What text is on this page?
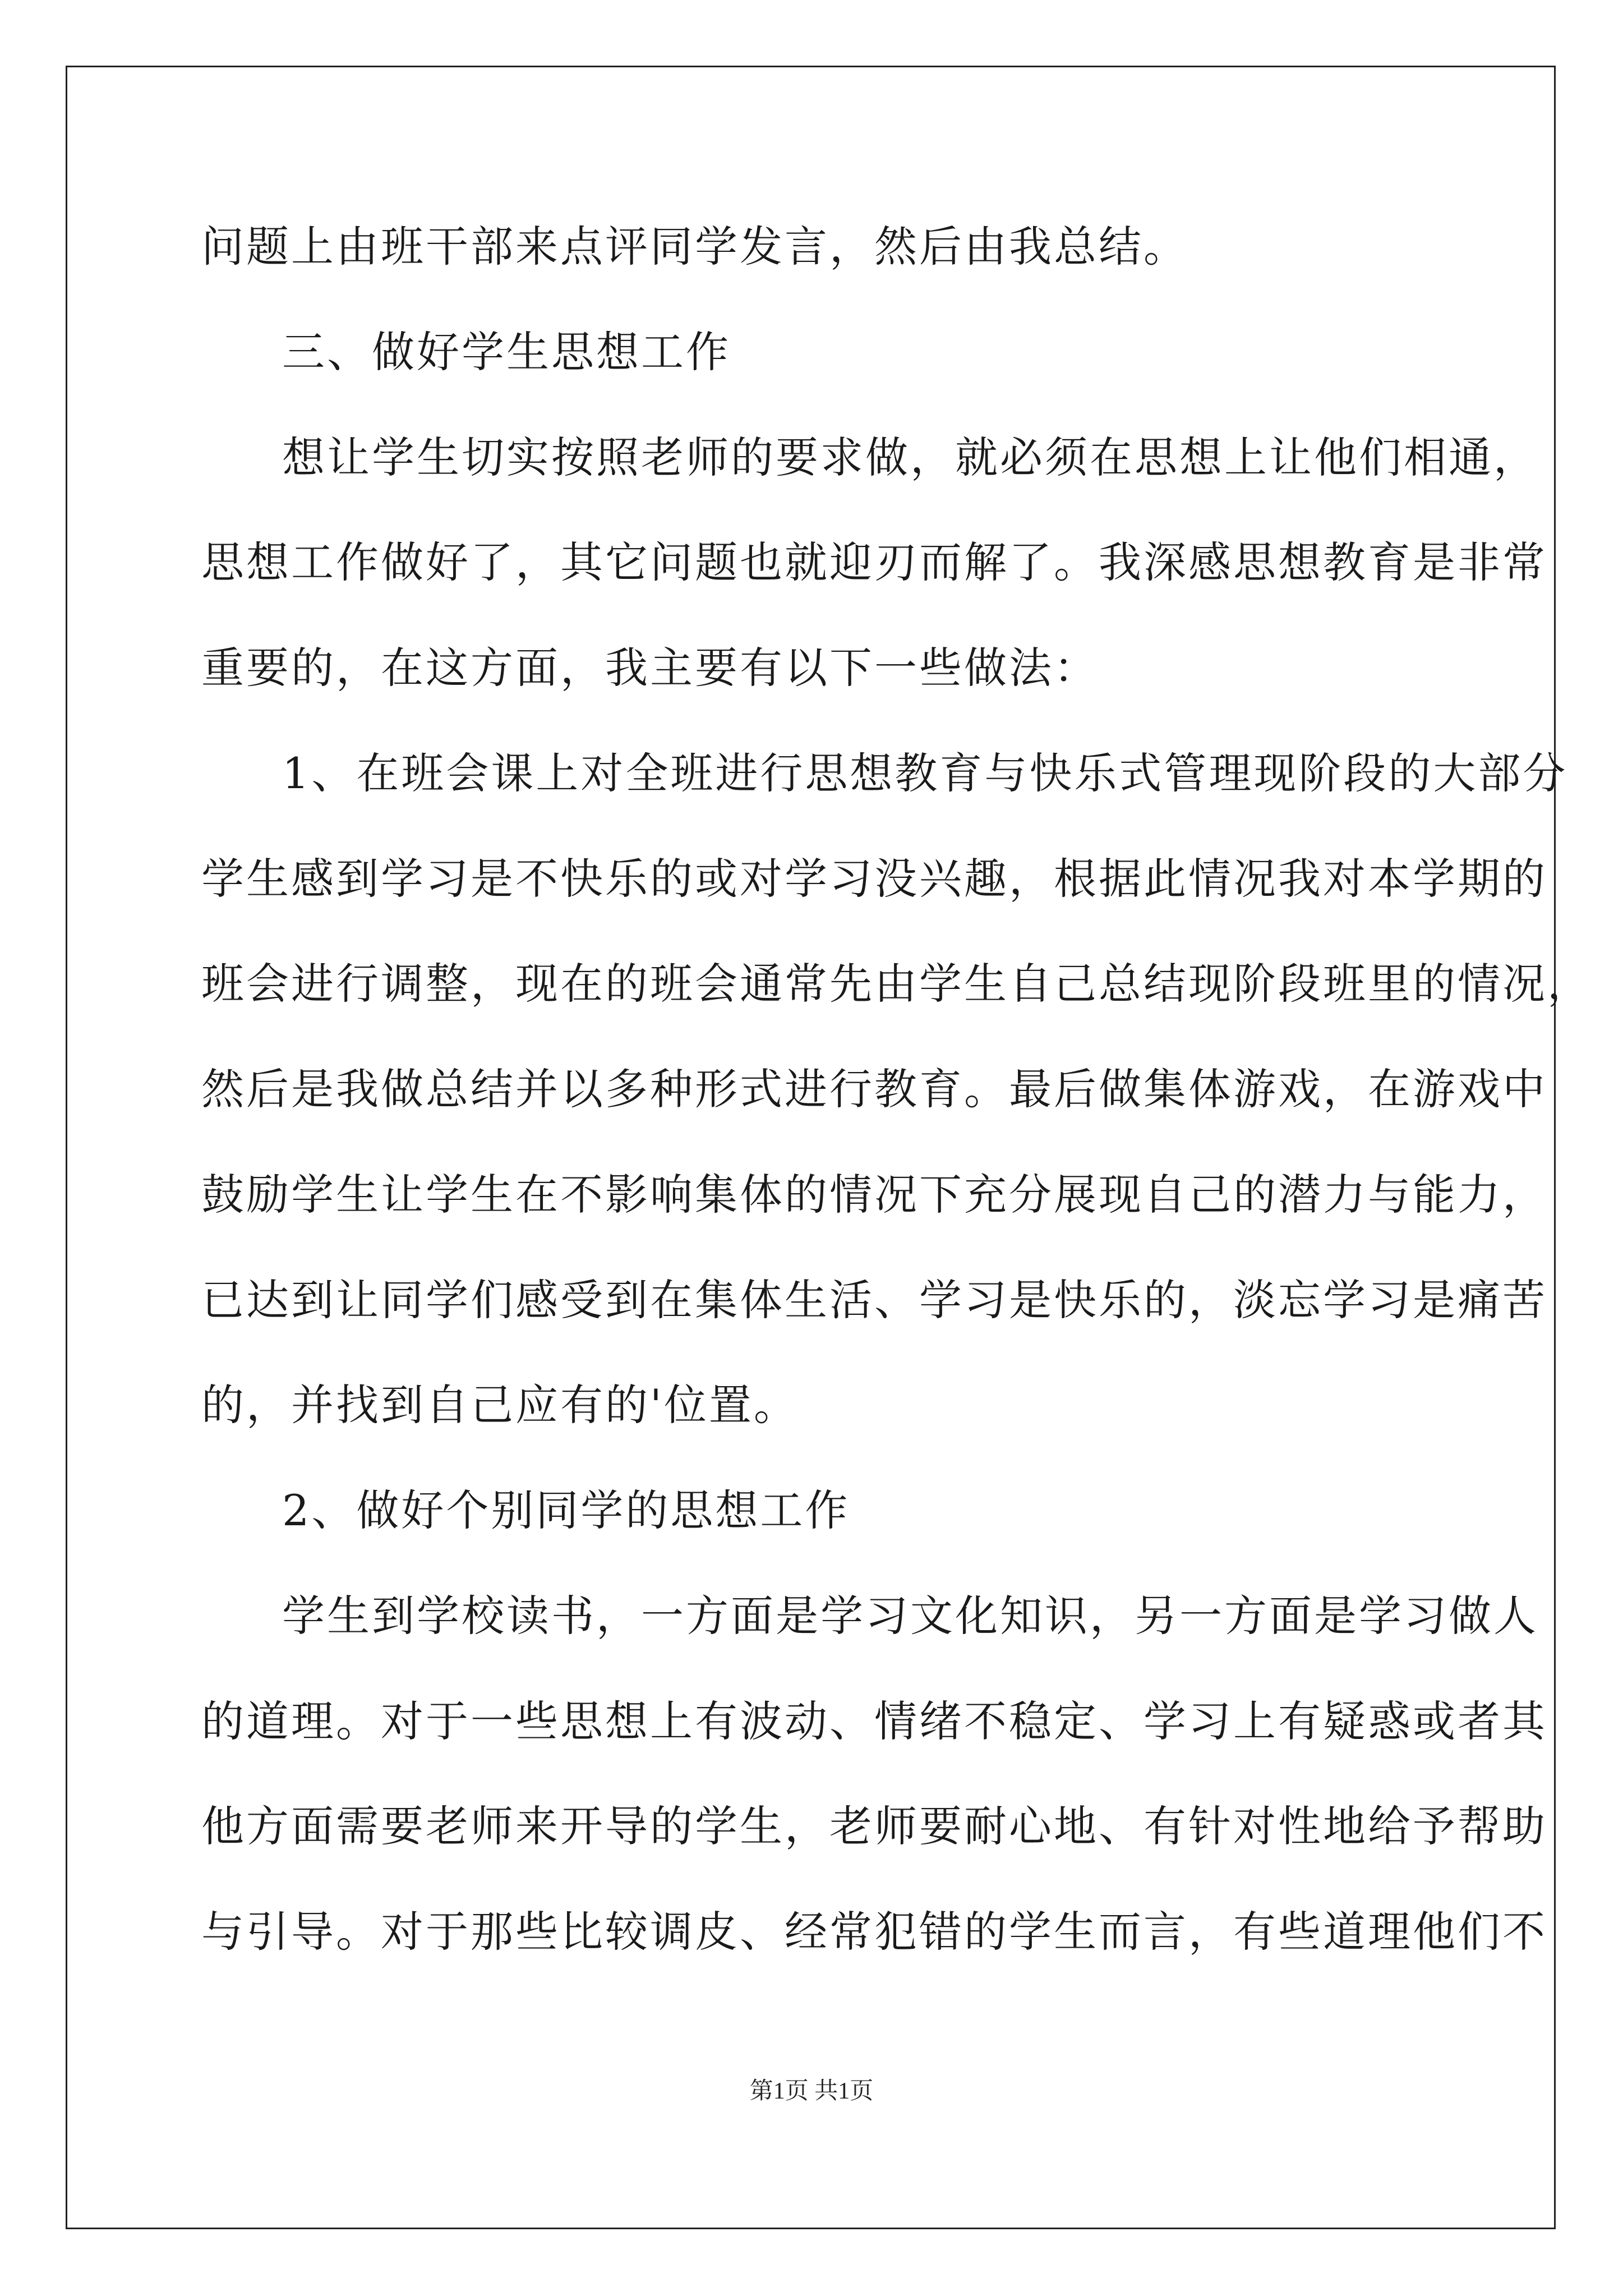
问题上由班干部来点评同学发言，然后由我总结。
三、做好学生思想工作
想让学生切实按照老师的要求做，就必须在思想上让他们相通，
思想工作做好了，其它问题也就迎刃而解了。我深感思想教育是非常
重要的，在这方面，我主要有以下一些做法：
1、在班会课上对全班进行思想教育与快乐式管理现阶段的大部分
学生感到学习是不快乐的或对学习没兴趣，根据此情况我对本学期的
班会进行调整，现在的班会通常先由学生自己总结现阶段班里的情况，
然后是我做总结并以多种形式进行教育。最后做集体游戏，在游戏中
鼓励学生让学生在不影响集体的情况下充分展现自己的潜力与能力，
已达到让同学们感受到在集体生活、学习是快乐的，淡忘学习是痛苦
的，并找到自己应有的'位置。
2、做好个别同学的思想工作
学生到学校读书，一方面是学习文化知识，另一方面是学习做人
的道理。对于一些思想上有波动、情绪不稳定、学习上有疑惑或者其
他方面需要老师来开导的学生，老师要耐心地、有针对性地给予帮助
与引导。对于那些比较调皮、经常犯错的学生而言，有些道理他们不
第1页 共1页
